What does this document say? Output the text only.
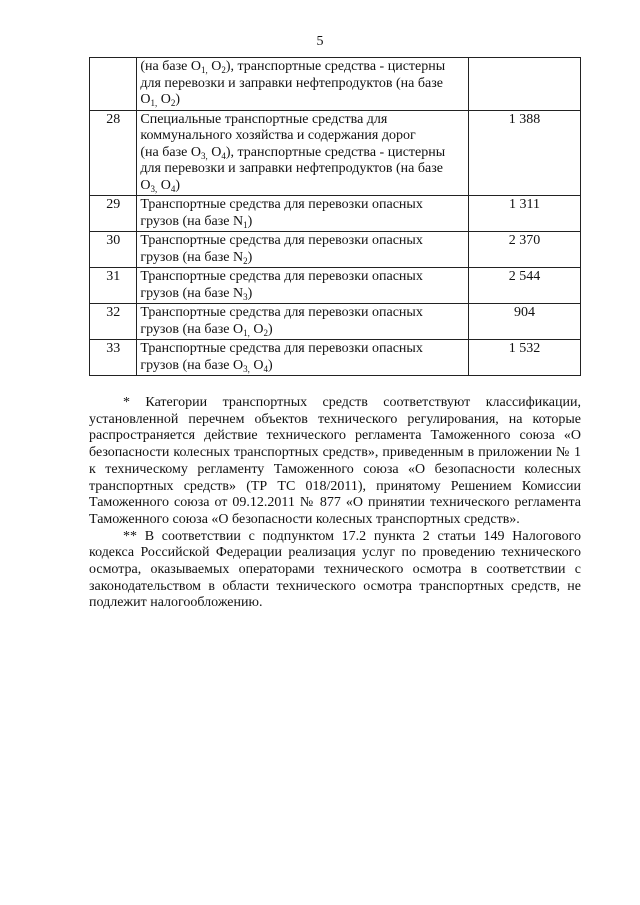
5

	(на базе $O_{1,}$ $O_2$), транспортные средства - цистерны
для перевозки и заправки нефтепродуктов (на базе
$O_{1,}$ $O_2$)	

28	Специальные транспортные средства для
коммунального хозяйства и содержания дорог
(на базе $O_{3,}$ $O_4$), транспортные средства - цистерны
для перевозки и заправки нефтепродуктов (на базе
$O_{3,}$ $O_4$)	1 388
29	Транспортные средства для перевозки опасных
грузов (на базе $N_1$)	1 311
30	Транспортные средства для перевозки опасных
грузов (на базе $N_2$)	2 370
31	Транспортные средства для перевозки опасных
грузов (на базе $N_3$)	2 544
32	Транспортные средства для перевозки опасных
грузов (на базе $O_{1,}$ $O_2$)	904
33	Транспортные средства для перевозки опасных
грузов (на базе $O_{3,}$ $O_4$)	1 532

* Категории транспортных средств соответствуют классификации, установленной перечнем объектов технического регулирования, на которые распространяется действие технического регламента Таможенного союза «О безопасности колесных транспортных средств», приведенным в приложении № 1 к техническому регламенту Таможенного союза «О безопасности колесных транспортных средств» (ТР ТС 018/2011), принятому Решением Комиссии Таможенного союза от 09.12.2011 № 877 «О принятии технического регламента Таможенного союза «О безопасности колесных транспортных средств».

** В соответствии с подпунктом 17.2 пункта 2 статьи 149 Налогового кодекса Российской Федерации реализация услуг по проведению технического осмотра, оказываемых операторами технического осмотра в соответствии с законодательством в области технического осмотра транспортных средств, не подлежит налогообложению.
